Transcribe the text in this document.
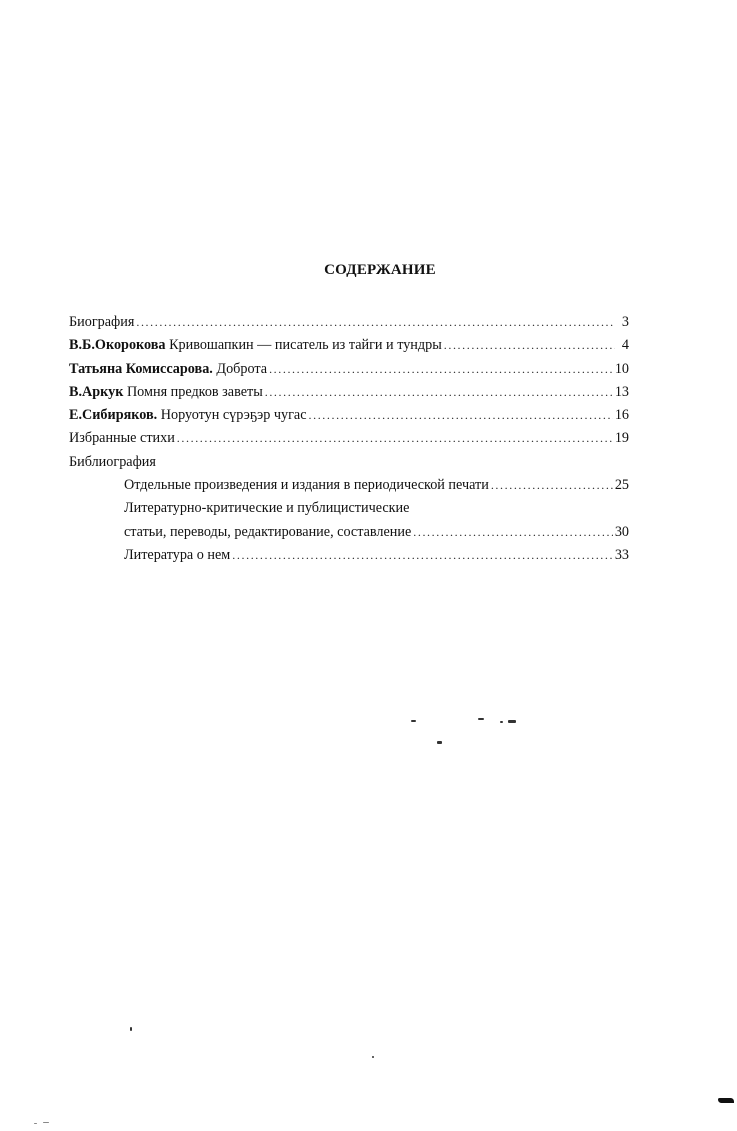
СОДЕРЖАНИЕ
Биография .....	3
В.Б.Окорокова Кривошапкин — писатель из тайги и тундры .....	4
Татьяна Комиссарова. Доброта .....	10
В.Аркук Помня предков заветы .....	13
Е.Сибиряков. Норуотун сүрэҕэр чугас .....	16
Избранные стихи .....	19
Библиография
Отдельные произведения и издания в периодической печати .....	25
Литературно-критические и публицистические
статьи, переводы, редактирование, составление .....	30
Литература о нем .....	33
